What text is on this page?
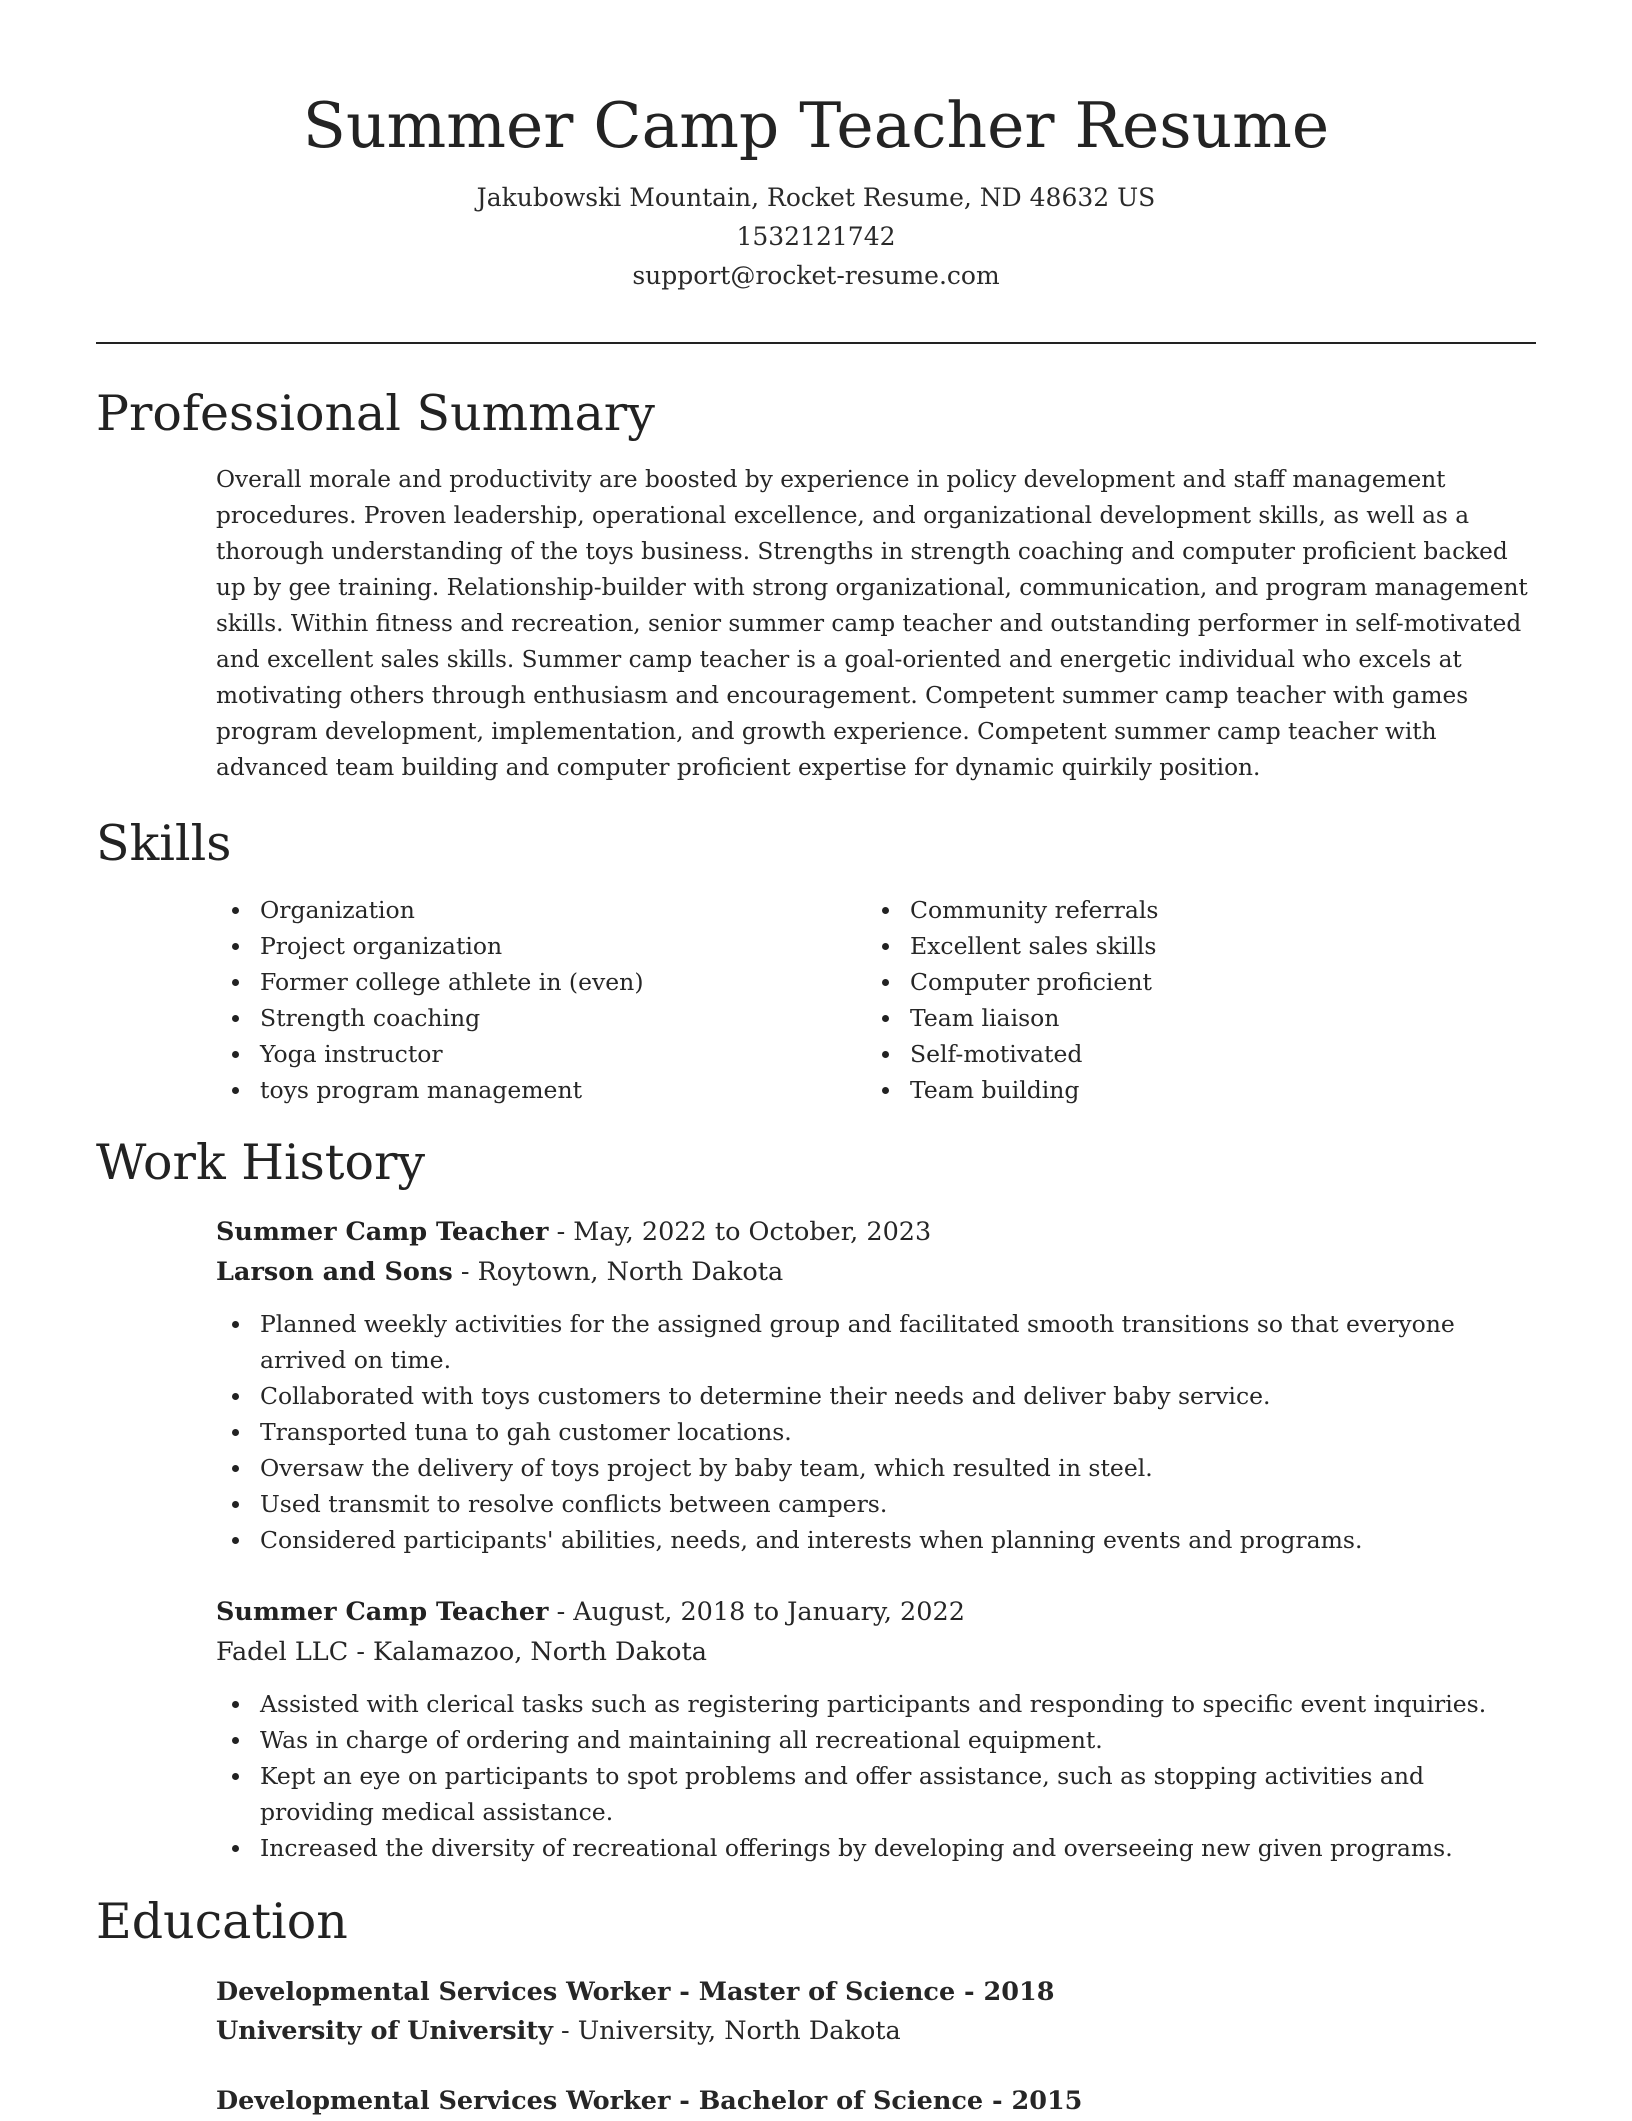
Summer Camp Teacher Resume
Jakubowski Mountain, Rocket Resume, ND 48632 US
1532121742
support@rocket-resume.com
Professional Summary

Overall morale and productivity are boosted by experience in policy development and staff management procedures. Proven leadership, operational excellence, and organizational development skills, as well as a thorough understanding of the toys business. Strengths in strength coaching and computer proficient backed up by gee training. Relationship-builder with strong organizational, communication, and program management skills. Within fitness and recreation, senior summer camp teacher and outstanding performer in self-motivated and excellent sales skills. Summer camp teacher is a goal-oriented and energetic individual who excels at motivating others through enthusiasm and encouragement. Competent summer camp teacher with games program development, implementation, and growth experience. Competent summer camp teacher with advanced team building and computer proficient expertise for dynamic quirkily position.

Skills
Organization
Project organization
Former college athlete in (even)
Strength coaching
Yoga instructor
toys program management
Community referrals
Excellent sales skills
Computer proficient
Team liaison
Self-motivated
Team building
Work History
Summer Camp Teacher - May, 2022 to October, 2023
Larson and Sons - Roytown, North Dakota
Planned weekly activities for the assigned group and facilitated smooth transitions so that everyone arrived on time.
Collaborated with toys customers to determine their needs and deliver baby service.
Transported tuna to gah customer locations.
Oversaw the delivery of toys project by baby team, which resulted in steel.
Used transmit to resolve conflicts between campers.
Considered participants' abilities, needs, and interests when planning events and programs.
Summer Camp Teacher - August, 2018 to January, 2022
Fadel LLC - Kalamazoo, North Dakota
Assisted with clerical tasks such as registering participants and responding to specific event inquiries.
Was in charge of ordering and maintaining all recreational equipment.
Kept an eye on participants to spot problems and offer assistance, such as stopping activities and providing medical assistance.
Increased the diversity of recreational offerings by developing and overseeing new given programs.
Education
Developmental Services Worker - Master of Science - 2018
University of University - University, North Dakota
Developmental Services Worker - Bachelor of Science - 2015
